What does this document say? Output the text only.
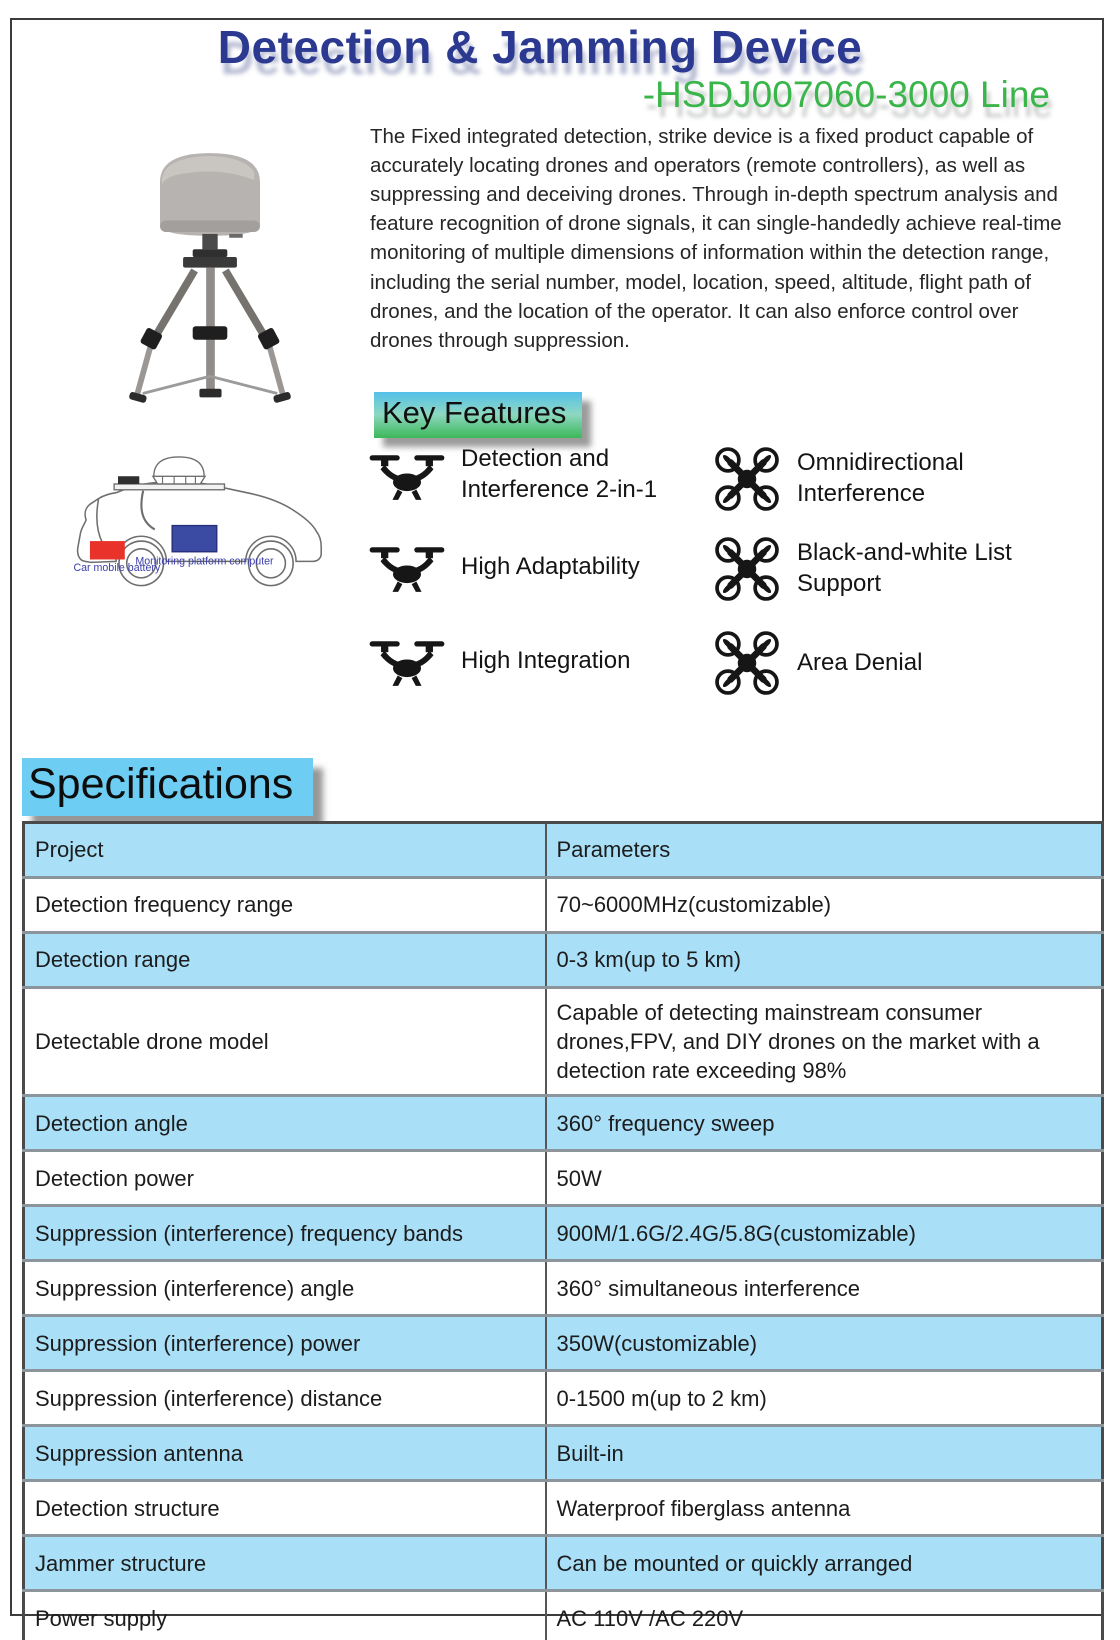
Detection & Jamming Device
-HSDJ007060-3000 Line
Monitoring platform computer
Car mobile battery
The Fixed integrated detection, strike device is a fixed product capable of accurately locating drones and operators (remote controllers), as well as suppressing and deceiving drones. Through in-depth spectrum analysis and feature recognition of drone signals, it can single-handedly achieve real-time monitoring of multiple dimensions of information within the detection range, including the serial number, model, location, speed, altitude, flight path of drones, and the location of the operator. It can also enforce control over drones through suppression.
Key Features
Detection and Interference 2-in-1
High Adaptability
High Integration
Omnidirectional Interference
Black-and-white List Support
Area Denial
Specifications
Project	Parameters
Detection frequency range	70~6000MHz(customizable)
Detection range	0-3 km(up to 5 km)
Detectable drone model	Capable of detecting mainstream consumer drones,FPV, and DIY drones on the market with a detection rate exceeding 98%
Detection angle	360° frequency sweep
Detection power	50W
Suppression (interference) frequency bands	900M/1.6G/2.4G/5.8G(customizable)
Suppression (interference) angle	360° simultaneous interference
Suppression (interference) power	350W(customizable)
Suppression (interference) distance	0-1500 m(up to 2 km)
Suppression antenna	Built-in
Detection structure	Waterproof fiberglass antenna
Jammer structure	Can be mounted or quickly arranged
Power supply	AC 110V /AC 220V
